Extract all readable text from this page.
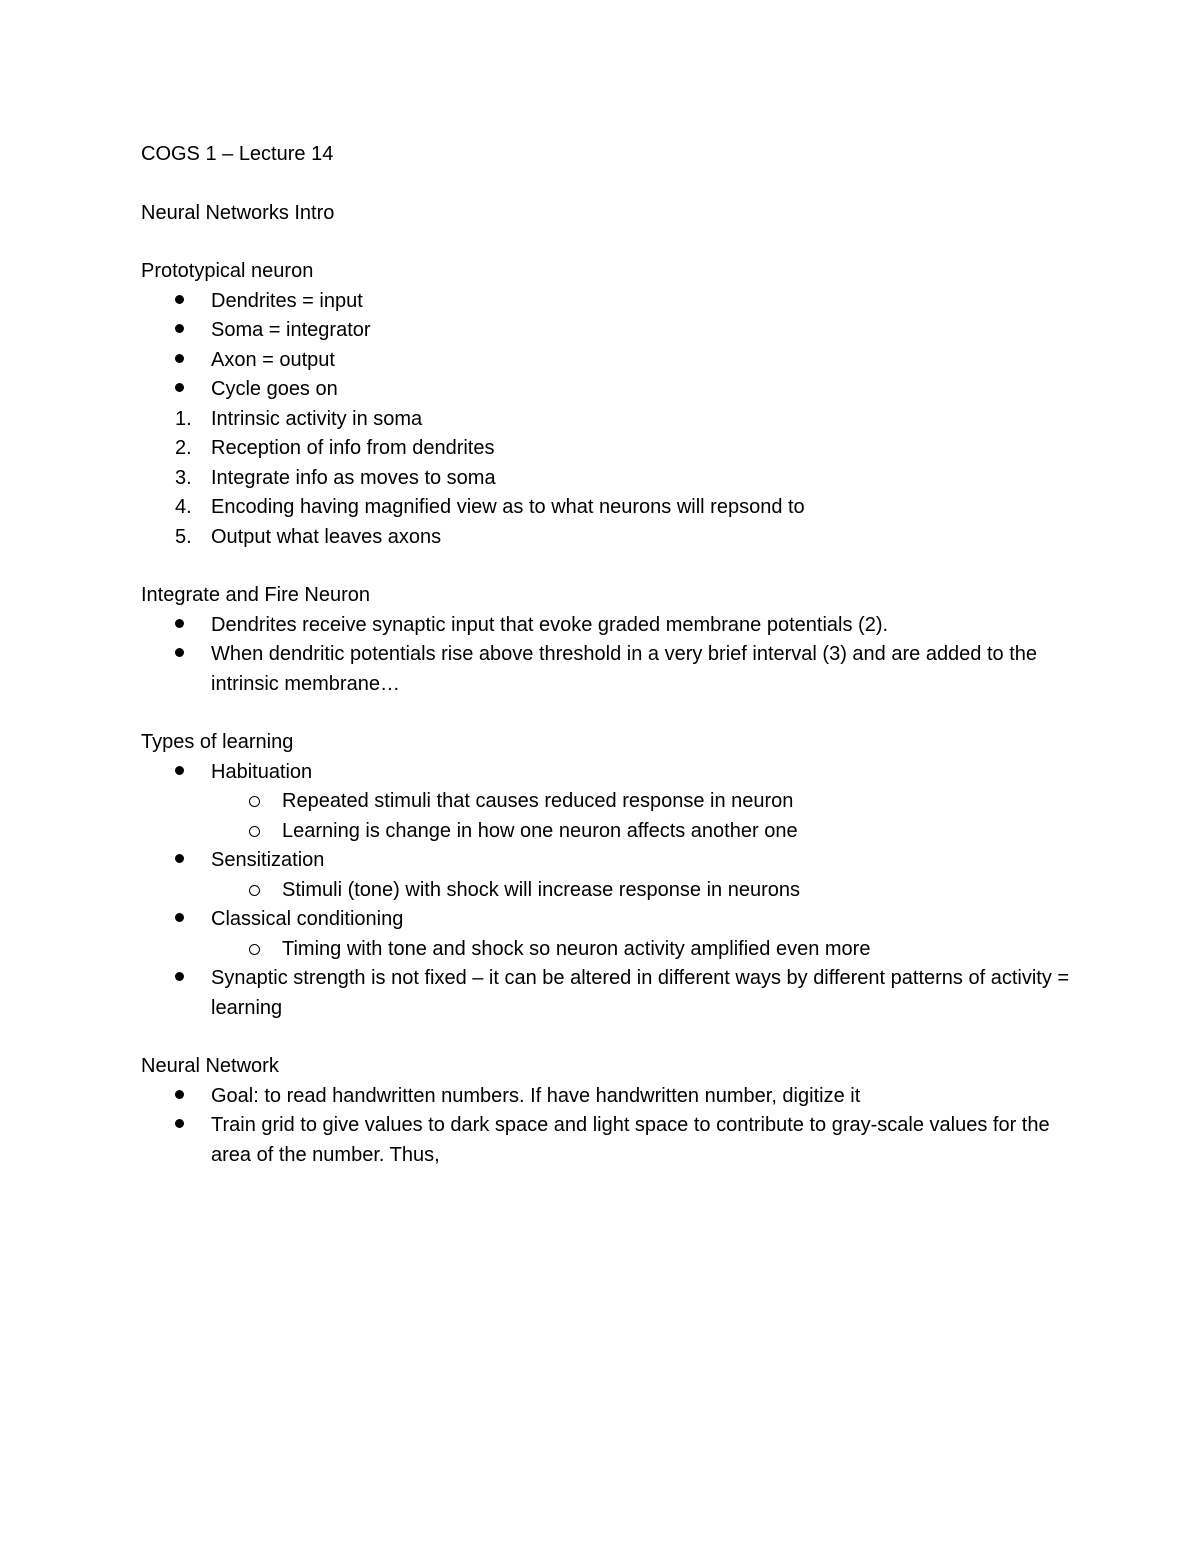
COGS 1 – Lecture 14
Neural Networks Intro
Prototypical neuron
Dendrites = input
Soma = integrator
Axon = output
Cycle goes on
1. Intrinsic activity in soma
2. Reception of info from dendrites
3. Integrate info as moves to soma
4. Encoding having magnified view as to what neurons will repsond to
5. Output what leaves axons
Integrate and Fire Neuron
Dendrites receive synaptic input that evoke graded membrane potentials (2).
When dendritic potentials rise above threshold in a very brief interval (3) and are added to the intrinsic membrane…
Types of learning
Habituation
Repeated stimuli that causes reduced response in neuron
Learning is change in how one neuron affects another one
Sensitization
Stimuli (tone) with shock will increase response in neurons
Classical conditioning
Timing with tone and shock so neuron activity amplified even more
Synaptic strength is not fixed – it can be altered in different ways by different patterns of activity = learning
Neural Network
Goal: to read handwritten numbers. If have handwritten number, digitize it
Train grid to give values to dark space and light space to contribute to gray-scale values for the area of the number. Thus,
